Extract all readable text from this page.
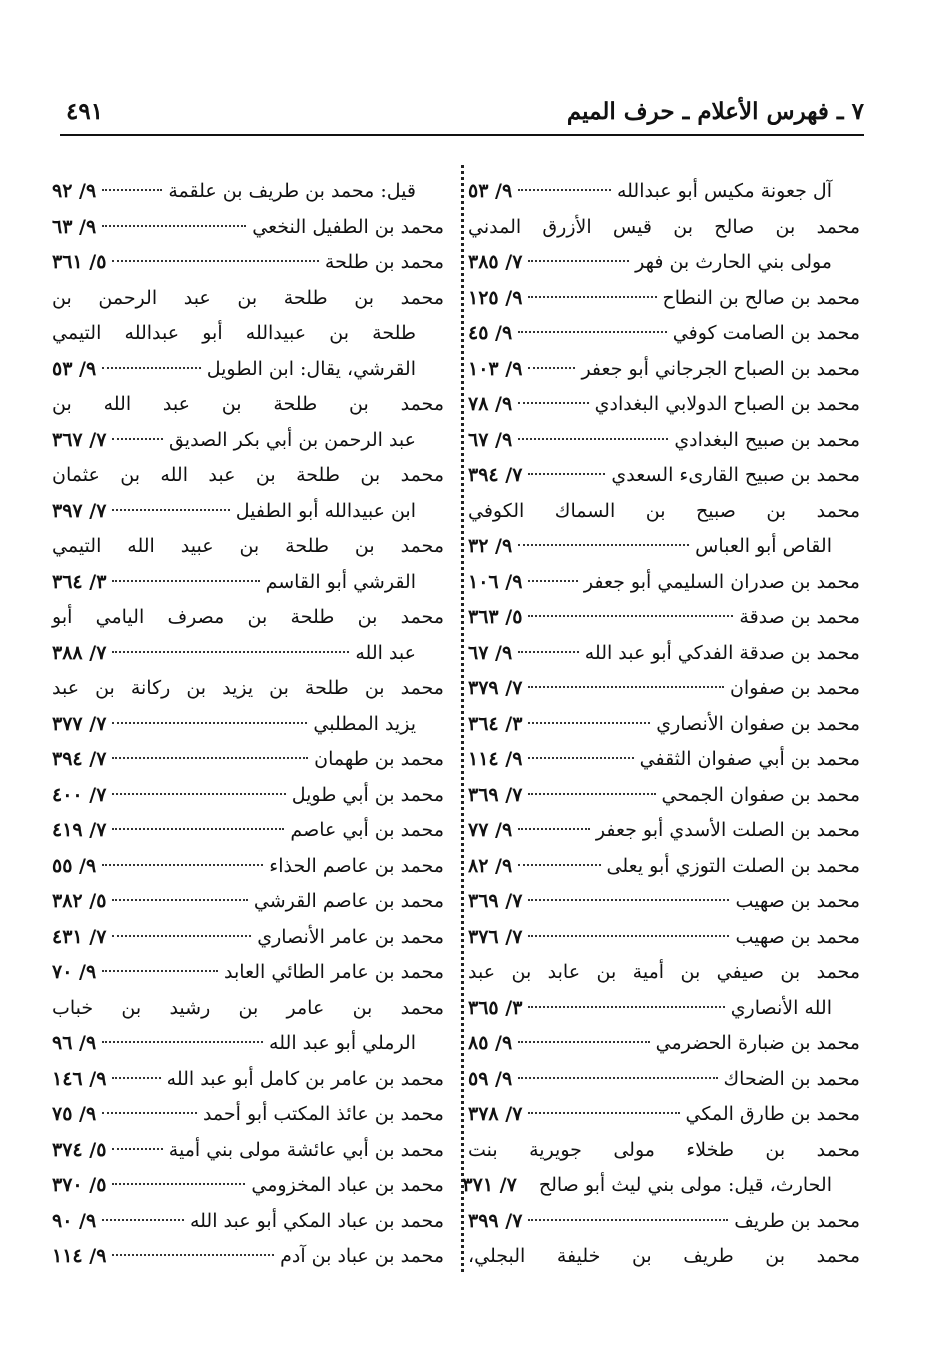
٧ ـ فهرس الأعلام ـ حرف الميم
٤٩١
آل جعونة مكيس أبو عبدالله
٩/ ٥٣
محمد بن صالح بن قيس الأزرق المدني
مولى بني الحارث بن فهر
٧/ ٣٨٥
محمد بن صالح بن النطاح
٩/ ١٢٥
محمد بن الصامت كوفي
٩/ ٤٥
محمد بن الصباح الجرجاني أبو جعفر
٩/ ١٠٣
محمد بن الصباح الدولابي البغدادي
٩/ ٧٨
محمد بن صبيح البغدادي
٩/ ٦٧
محمد بن صبيح القارىء السعدي
٧/ ٣٩٤
محمد بن صبيح بن السماك الكوفي
القاص أبو العباس
٩/ ٣٢
محمد بن صدران السليمي أبو جعفر
٩/ ١٠٦
محمد بن صدقة
٥/ ٣٦٣
محمد بن صدقة الفدكي أبو عبد الله
٩/ ٦٧
محمد بن صفوان
٧/ ٣٧٩
محمد بن صفوان الأنصاري
٣/ ٣٦٤
محمد بن أبي صفوان الثقفي
٩/ ١١٤
محمد بن صفوان الجمحي
٧/ ٣٦٩
محمد بن الصلت الأسدي أبو جعفر
٩/ ٧٧
محمد بن الصلت التوزي أبو يعلى
٩/ ٨٢
محمد بن صهيب
٧/ ٣٦٩
محمد بن صهيب
٧/ ٣٧٦
محمد بن صيفي بن أمية بن عابد بن عبد
الله الأنصاري
٣/ ٣٦٥
محمد بن ضبارة الحضرمي
٩/ ٨٥
محمد بن الضحاك
٩/ ٥٩
محمد بن طارق المكي
٧/ ٣٧٨
محمد بن طخلاء مولى جويرية بنت
الحارث، قيل: مولى بني ليث أبو صالح
٧/ ٣٧١
محمد بن طريف
٧/ ٣٩٩
محمد بن طريف بن خليفة البجلي،
قيل: محمد بن طريف بن علقمة
٩/ ٩٢
محمد بن الطفيل النخعي
٩/ ٦٣
محمد بن طلحة
٥/ ٣٦١
محمد بن طلحة بن عبد الرحمن بن
طلحة بن عبيدالله أبو عبدالله التيمي
القرشي، يقال: ابن الطويل
٩/ ٥٣
محمد بن طلحة بن عبد الله بن
عبد الرحمن بن أبي بكر الصديق
٧/ ٣٦٧
محمد بن طلحة بن عبد الله بن عثمان
ابن عبيدالله أبو الطفيل
٧/ ٣٩٧
محمد بن طلحة بن عبيد الله التيمي
القرشي أبو القاسم
٣/ ٣٦٤
محمد بن طلحة بن مصرف اليامي أبو
عبد الله
٧/ ٣٨٨
محمد بن طلحة بن يزيد بن ركانة بن عبد
يزيد المطلبي
٧/ ٣٧٧
محمد بن طهمان
٧/ ٣٩٤
محمد بن أبي طويل
٧/ ٤٠٠
محمد بن أبي عاصم
٧/ ٤١٩
محمد بن عاصم الحذاء
٩/ ٥٥
محمد بن عاصم القرشي
٥/ ٣٨٢
محمد بن عامر الأنصاري
٧/ ٤٣١
محمد بن عامر الطائي العابد
٩/ ٧٠
محمد بن عامر بن رشيد بن خباب
الرملي أبو عبد الله
٩/ ٩٦
محمد بن عامر بن كامل أبو عبد الله
٩/ ١٤٦
محمد بن عائذ المكتب أبو أحمد
٩/ ٧٥
محمد بن أبي عائشة مولى بني أمية
٥/ ٣٧٤
محمد بن عباد المخزومي
٥/ ٣٧٠
محمد بن عباد المكي أبو عبد الله
٩/ ٩٠
محمد بن عباد بن آدم
٩/ ١١٤
